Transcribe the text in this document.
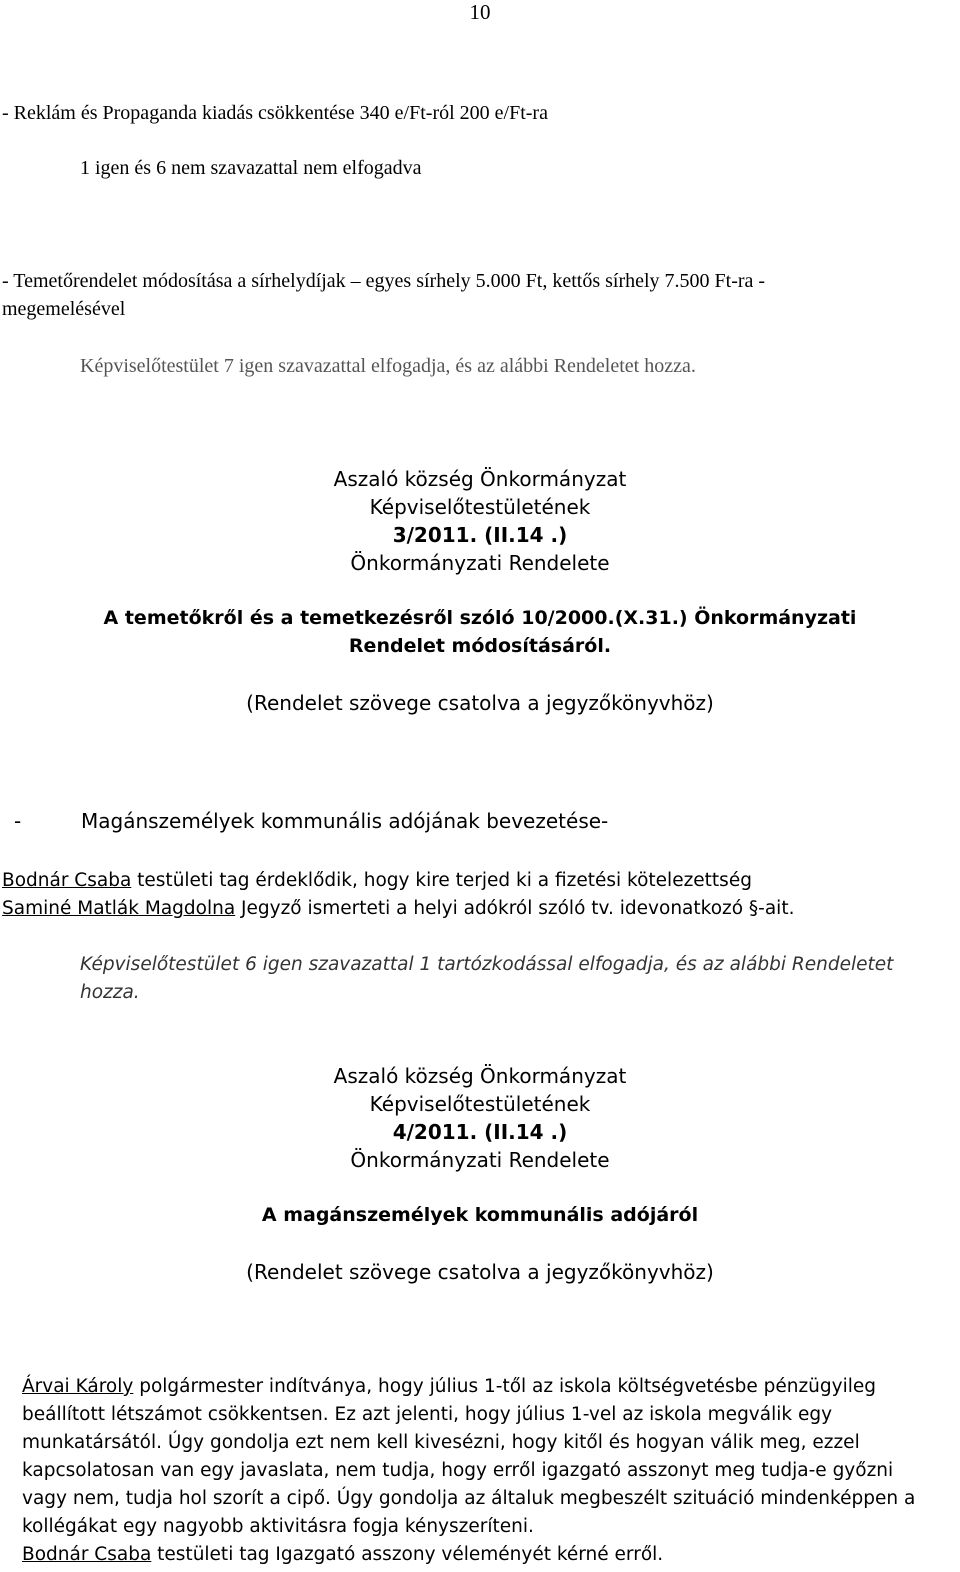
10
- Reklám és Propaganda kiadás csökkentése 340 e/Ft-ról 200 e/Ft-ra
1 igen és 6 nem szavazattal nem elfogadva
- Temetőrendelet módosítása a sírhelydíjak – egyes sírhely 5.000 Ft, kettős sírhely 7.500 Ft-ra -
megemelésével
Képviselőtestület 7 igen szavazattal elfogadja, és az alábbi Rendeletet hozza.
Aszaló község Önkormányzat
Képviselőtestületének
3/2011. (II.14 .)
Önkormányzati Rendelete
A temetőkről és a temetkezésről szóló 10/2000.(X.31.) Önkormányzati
Rendelet módosításáról.
(Rendelet szövege csatolva a jegyzőkönyvhöz)
-	Magánszemélyek kommunális adójának bevezetése-
Bodnár Csaba testületi tag érdeklődik, hogy kire terjed ki a fizetési kötelezettség
Saminé Matlák Magdolna Jegyző ismerteti a helyi adókról szóló tv. idevonatkozó §-ait.
Képviselőtestület 6 igen szavazattal 1 tartózkodással elfogadja, és az alábbi Rendeletet
hozza.
Aszaló község Önkormányzat
Képviselőtestületének
4/2011. (II.14 .)
Önkormányzati Rendelete
A magánszemélyek kommunális adójáról
(Rendelet szövege csatolva a jegyzőkönyvhöz)
Árvai Károly polgármester indítványa, hogy július 1-től az iskola költségvetésbe pénzügyileg
beállított létszámot csökkentsen. Ez azt jelenti, hogy július 1-vel az iskola megválik egy
munkatársától. Úgy gondolja ezt nem kell kivesézni, hogy kitől és hogyan válik meg, ezzel
kapcsolatosan van egy javaslata, nem tudja, hogy erről igazgató asszonyt meg tudja-e győzni
vagy nem, tudja hol szorít a cipő. Úgy gondolja az általuk megbeszélt szituáció mindenképpen a
kollégákat egy nagyobb aktivitásra fogja kényszeríteni.
Bodnár Csaba testületi tag Igazgató asszony véleményét kérné erről.
